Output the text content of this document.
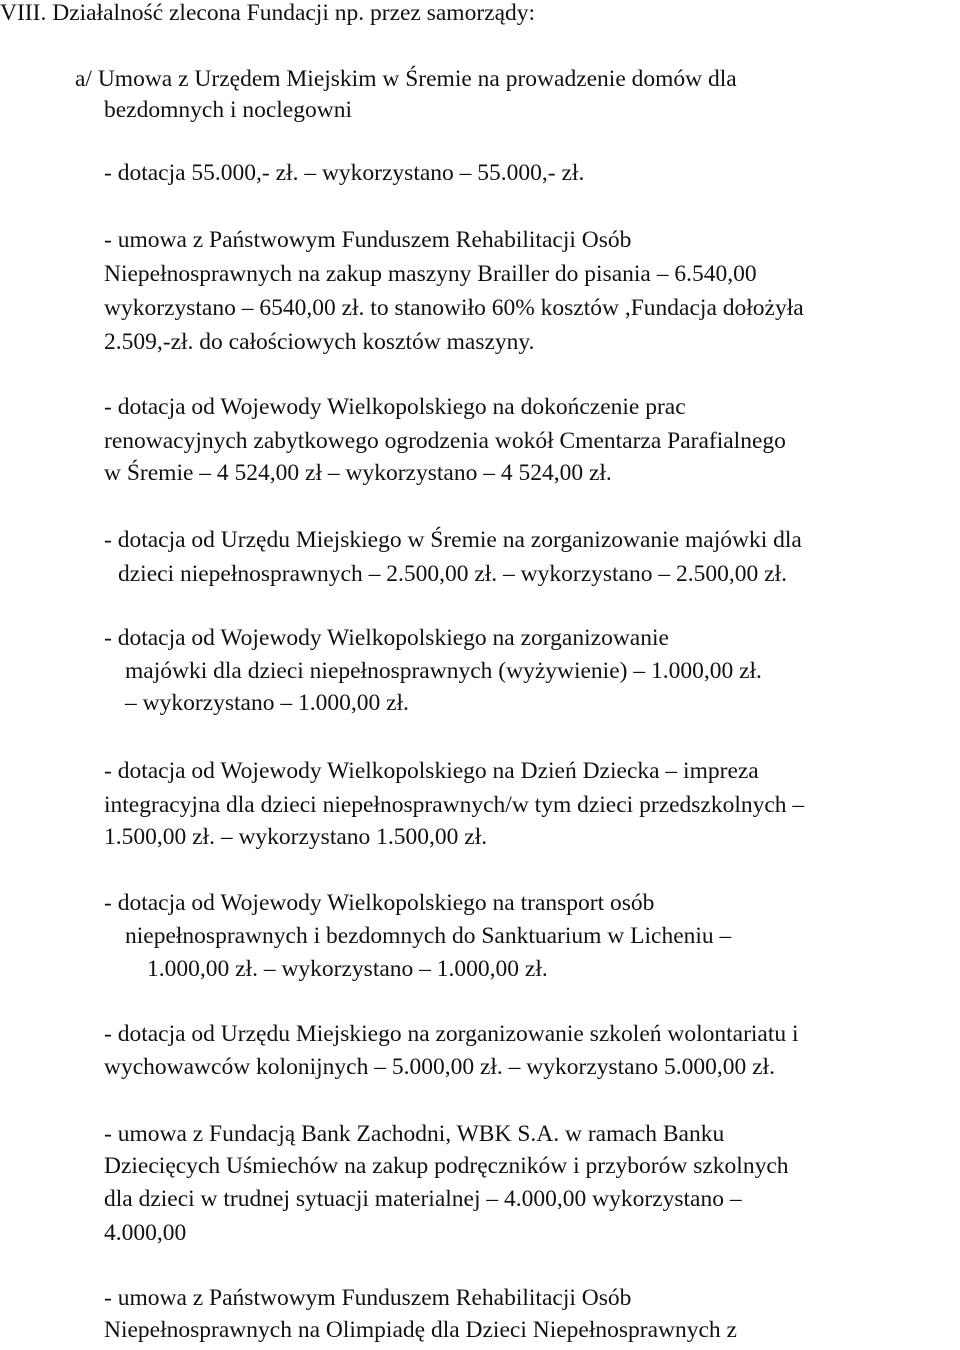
VIII. Działalność zlecona Fundacji np. przez samorządy:
a/ Umowa z Urzędem Miejskim w Śremie na prowadzenie domów dla
bezdomnych i noclegowni
- dotacja 55.000,- zł. – wykorzystano – 55.000,- zł.
- umowa z Państwowym Funduszem Rehabilitacji Osób
Niepełnosprawnych na zakup maszyny Brailler do pisania – 6.540,00
wykorzystano – 6540,00 zł. to stanowiło 60% kosztów ,Fundacja dołożyła
2.509,-zł. do całościowych kosztów maszyny.
- dotacja od Wojewody Wielkopolskiego na dokończenie prac
renowacyjnych zabytkowego ogrodzenia wokół Cmentarza Parafialnego
w Śremie – 4 524,00 zł – wykorzystano – 4 524,00 zł.
- dotacja od Urzędu Miejskiego w Śremie na zorganizowanie majówki dla
dzieci niepełnosprawnych – 2.500,00 zł. – wykorzystano – 2.500,00 zł.
- dotacja od Wojewody Wielkopolskiego na zorganizowanie
majówki dla dzieci niepełnosprawnych (wyżywienie) – 1.000,00 zł.
– wykorzystano – 1.000,00 zł.
- dotacja od Wojewody Wielkopolskiego na Dzień Dziecka – impreza
integracyjna dla dzieci niepełnosprawnych/w tym dzieci przedszkolnych –
1.500,00 zł. – wykorzystano 1.500,00 zł.
- dotacja od Wojewody Wielkopolskiego na transport osób
niepełnosprawnych i bezdomnych do Sanktuarium w Licheniu –
1.000,00 zł. – wykorzystano – 1.000,00 zł.
- dotacja od Urzędu Miejskiego na zorganizowanie szkoleń wolontariatu i
wychowawców kolonijnych – 5.000,00 zł. – wykorzystano 5.000,00 zł.
- umowa z Fundacją Bank Zachodni, WBK S.A. w ramach Banku
Dziecięcych Uśmiechów na zakup podręczników i przyborów szkolnych
dla dzieci w trudnej sytuacji materialnej – 4.000,00 wykorzystano –
4.000,00
- umowa z Państwowym Funduszem Rehabilitacji Osób
Niepełnosprawnych na Olimpiadę dla Dzieci Niepełnosprawnych z
